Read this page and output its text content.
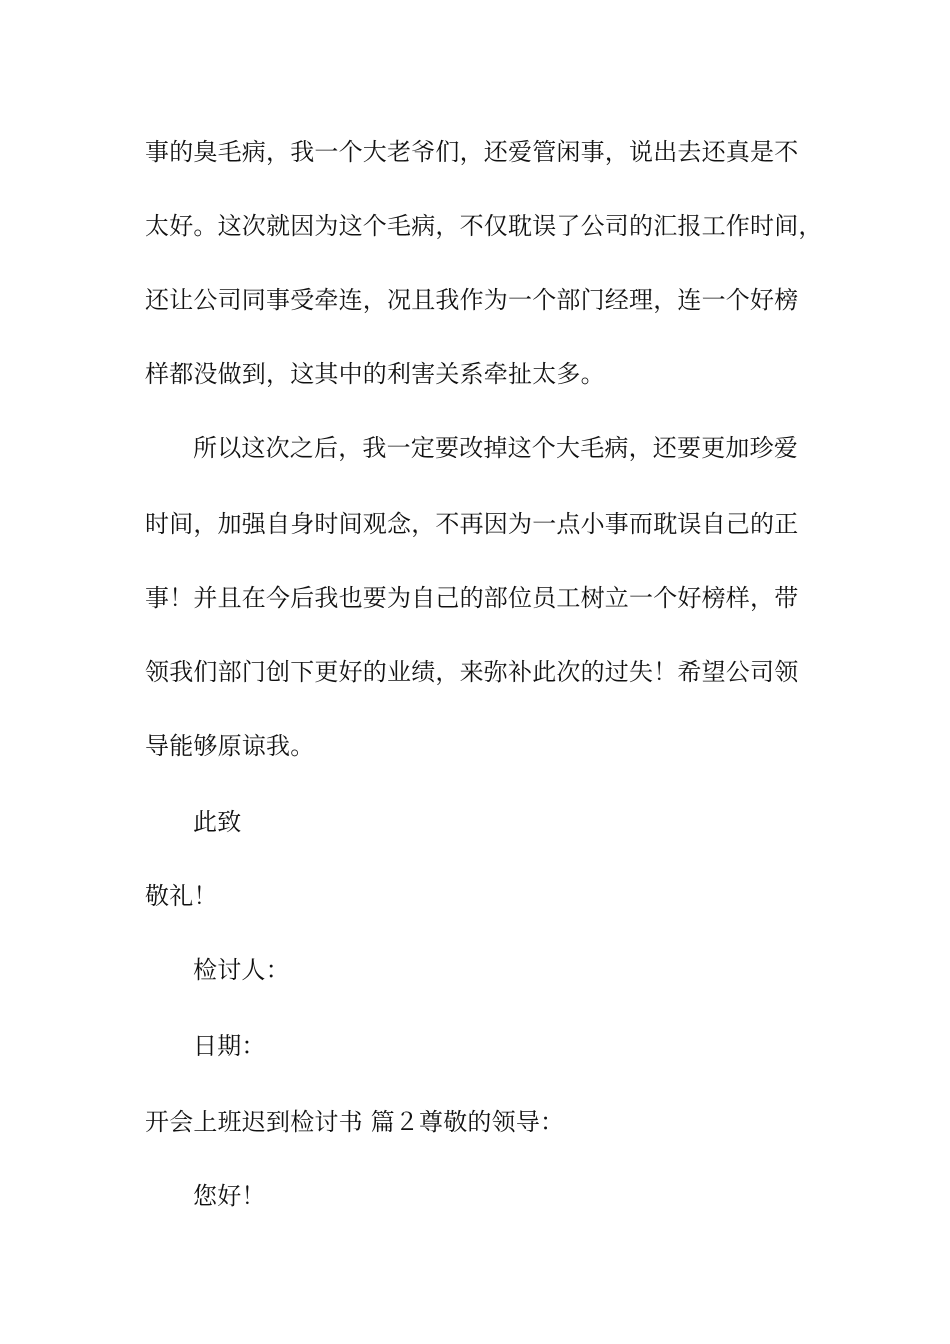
事的臭毛病，我一个大老爷们，还爱管闲事，说出去还真是不
太好。这次就因为这个毛病，不仅耽误了公司的汇报工作时间，
还让公司同事受牵连，况且我作为一个部门经理，连一个好榜
样都没做到，这其中的利害关系牵扯太多。
所以这次之后，我一定要改掉这个大毛病，还要更加珍爱
时间，加强自身时间观念，不再因为一点小事而耽误自己的正
事！并且在今后我也要为自己的部位员工树立一个好榜样，带
领我们部门创下更好的业绩，来弥补此次的过失！希望公司领
导能够原谅我。
此致
敬礼！
检讨人：
日期：
开会上班迟到检讨书 篇２尊敬的领导：
您好！
